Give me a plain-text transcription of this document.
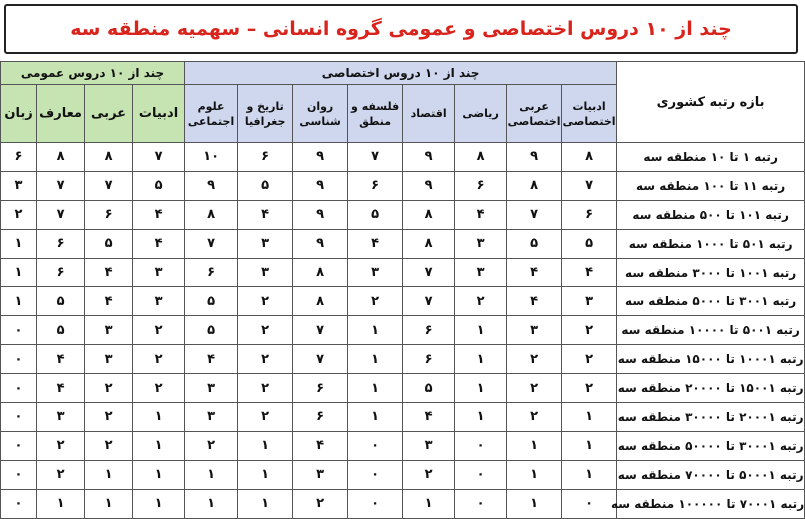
چند از ۱۰ دروس اختصاصی و عمومی گروه انسانی – سهمیه منطقه سه
بازه رتبه کشوری	چند از ۱۰ دروس اختصاصی								چند از ۱۰ دروس عمومی			
	ادبیات اختصاصی	عربی اختصاصی	ریاضی	اقتصاد	فلسفه و منطق	روان شناسی	تاریخ و جغرافیا	علوم اجتماعی	ادبیات	عربی	معارف	زبان
رتبه ۱ تا ۱۰ منطقه سه	۸	۹	۸	۹	۷	۹	۶	۱۰	۷	۸	۸	۶
رتبه ۱۱ تا ۱۰۰ منطقه سه	۷	۸	۶	۹	۶	۹	۵	۹	۵	۷	۷	۳
رتبه ۱۰۱ تا ۵۰۰ منطقه سه	۶	۷	۴	۸	۵	۹	۴	۸	۴	۶	۷	۲
رتبه ۵۰۱ تا ۱۰۰۰ منطقه سه	۵	۵	۳	۸	۴	۹	۳	۷	۴	۵	۶	۱
رتبه ۱۰۰۱ تا ۳۰۰۰ منطقه سه	۴	۴	۳	۷	۳	۸	۳	۶	۳	۴	۶	۱
رتبه ۳۰۰۱ تا ۵۰۰۰ منطقه سه	۳	۴	۲	۷	۲	۸	۲	۵	۳	۴	۵	۱
رتبه ۵۰۰۱ تا ۱۰۰۰۰ منطقه سه	۲	۳	۱	۶	۱	۷	۲	۵	۲	۳	۵	۰
رتبه ۱۰۰۰۱ تا ۱۵۰۰۰ منطقه سه	۲	۲	۱	۶	۱	۷	۲	۴	۲	۳	۴	۰
رتبه ۱۵۰۰۱ تا ۲۰۰۰۰ منطقه سه	۲	۲	۱	۵	۱	۶	۲	۳	۲	۲	۴	۰
رتبه ۲۰۰۰۱ تا ۳۰۰۰۰ منطقه سه	۱	۲	۱	۴	۱	۶	۲	۳	۱	۲	۳	۰
رتبه ۳۰۰۰۱ تا ۵۰۰۰۰ منطقه سه	۱	۱	۰	۳	۰	۴	۱	۲	۱	۲	۲	۰
رتبه ۵۰۰۰۱ تا ۷۰۰۰۰ منطقه سه	۱	۱	۰	۲	۰	۳	۱	۱	۱	۱	۲	۰
رتبه ۷۰۰۰۱ تا ۱۰۰۰۰۰ منطقه سه	۰	۱	۰	۱	۰	۲	۱	۱	۱	۱	۱	۰
